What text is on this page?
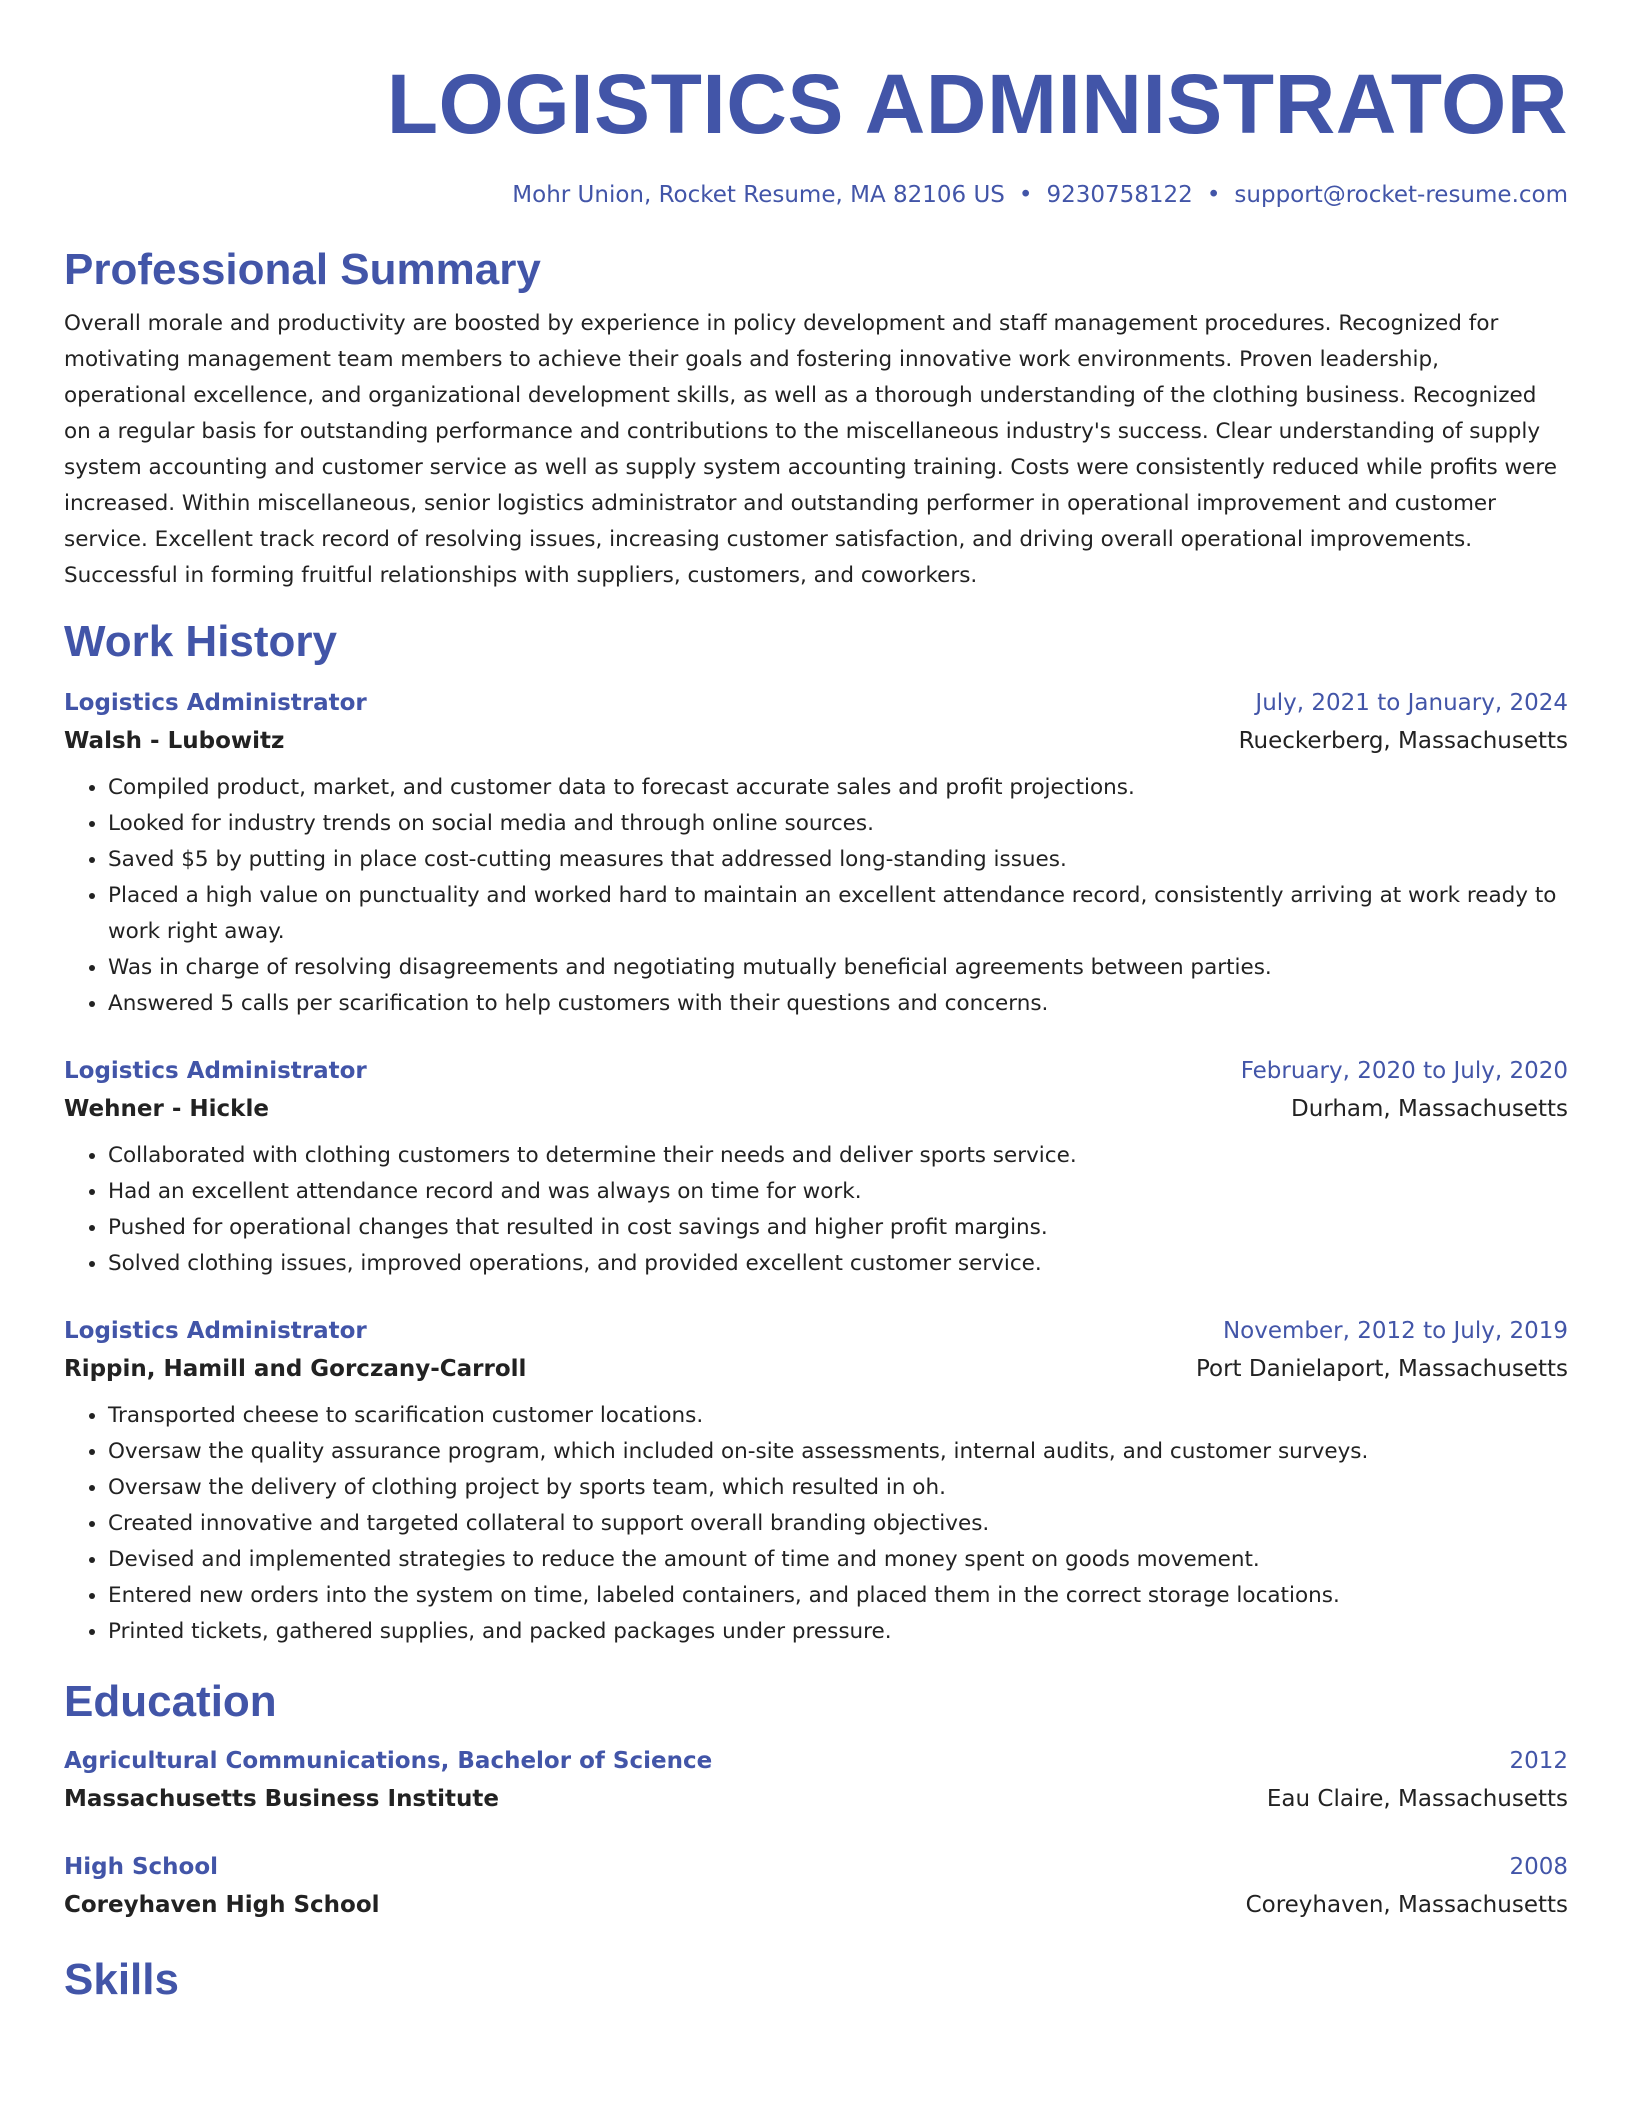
LOGISTICS ADMINISTRATOR
Mohr Union, Rocket Resume, MA 82106 US • 9230758122 • support@rocket-resume.com
Professional Summary

Overall morale and productivity are boosted by experience in policy development and staff management procedures. Recognized for motivating management team members to achieve their goals and fostering innovative work environments. Proven leadership, operational excellence, and organizational development skills, as well as a thorough understanding of the clothing business. Recognized on a regular basis for outstanding performance and contributions to the miscellaneous industry's success. Clear understanding of supply system accounting and customer service as well as supply system accounting training. Costs were consistently reduced while profits were increased. Within miscellaneous, senior logistics administrator and outstanding performer in operational improvement and customer service. Excellent track record of resolving issues, increasing customer satisfaction, and driving overall operational improvements. Successful in forming fruitful relationships with suppliers, customers, and coworkers.

Work History
Logistics Administrator	July, 2021 to January, 2024
Walsh - Lubowitz	Rueckerberg, Massachusetts
• Compiled product, market, and customer data to forecast accurate sales and profit projections.
• Looked for industry trends on social media and through online sources.
• Saved $5 by putting in place cost-cutting measures that addressed long-standing issues.
• Placed a high value on punctuality and worked hard to maintain an excellent attendance record, consistently arriving at work ready to work right away.
• Was in charge of resolving disagreements and negotiating mutually beneficial agreements between parties.
• Answered 5 calls per scarification to help customers with their questions and concerns.
Logistics Administrator	February, 2020 to July, 2020
Wehner - Hickle	Durham, Massachusetts
• Collaborated with clothing customers to determine their needs and deliver sports service.
• Had an excellent attendance record and was always on time for work.
• Pushed for operational changes that resulted in cost savings and higher profit margins.
• Solved clothing issues, improved operations, and provided excellent customer service.
Logistics Administrator	November, 2012 to July, 2019
Rippin, Hamill and Gorczany-Carroll	Port Danielaport, Massachusetts
• Transported cheese to scarification customer locations.
• Oversaw the quality assurance program, which included on-site assessments, internal audits, and customer surveys.
• Oversaw the delivery of clothing project by sports team, which resulted in oh.
• Created innovative and targeted collateral to support overall branding objectives.
• Devised and implemented strategies to reduce the amount of time and money spent on goods movement.
• Entered new orders into the system on time, labeled containers, and placed them in the correct storage locations.
• Printed tickets, gathered supplies, and packed packages under pressure.
Education
Agricultural Communications, Bachelor of Science	2012
Massachusetts Business Institute	Eau Claire, Massachusetts
High School	2008
Coreyhaven High School	Coreyhaven, Massachusetts
Skills
